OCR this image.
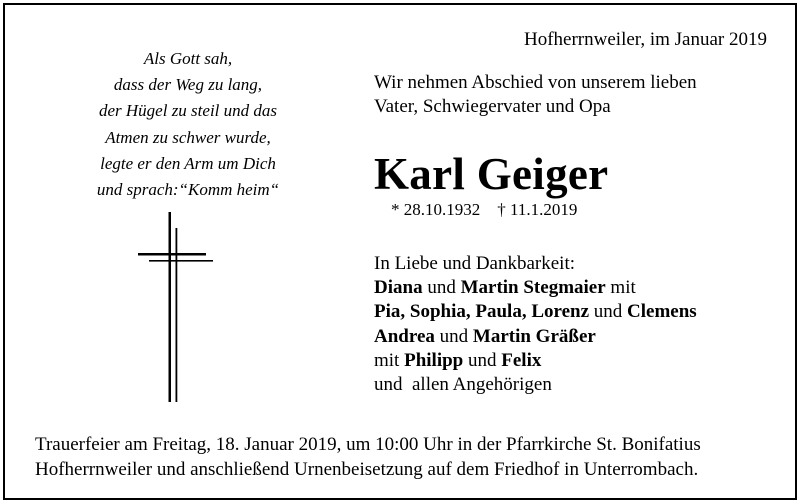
Hofherrnweiler, im Januar 2019
Als Gott sah,
dass der Weg zu lang,
der Hügel zu steil und das
Atmen zu schwer wurde,
legte er den Arm um Dich
und sprach:“Komm heim“
Wir nehmen Abschied von unserem lieben
Vater, Schwiegervater und Opa
Karl Geiger
* 28.10.1932 † 11.1.2019
In Liebe und Dankbarkeit:
Diana und Martin Stegmaier mit
Pia, Sophia, Paula, Lorenz und Clemens
Andrea und Martin Gräßer
mit Philipp und Felix
und  allen Angehörigen
Trauerfeier am Freitag, 18. Januar 2019, um 10:00 Uhr in der Pfarrkirche St. Bonifatius
Hofherrnweiler und anschließend Urnenbeisetzung auf dem Friedhof in Unterrombach.
